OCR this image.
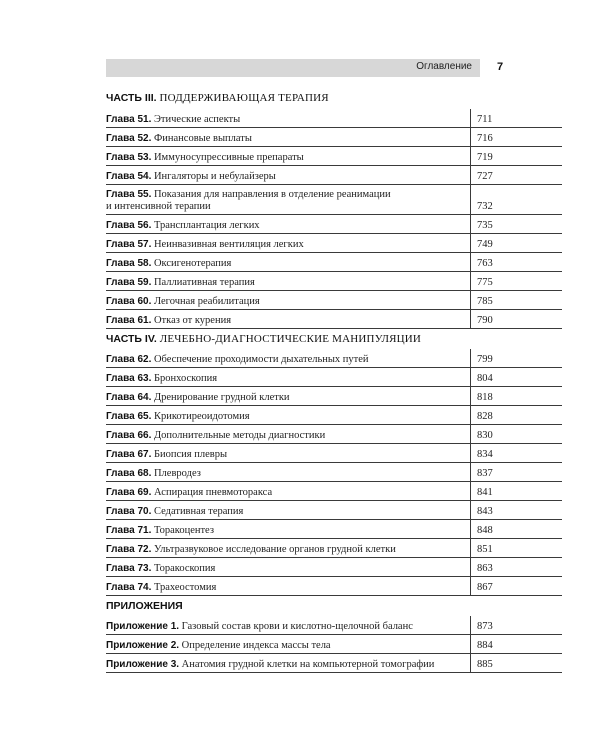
Оглавление 7
ЧАСТЬ III. ПОДДЕРЖИВАЮЩАЯ ТЕРАПИЯ
Глава 51. Этические аспекты	711
Глава 52. Финансовые выплаты	716
Глава 53. Иммуносупрессивные препараты	719
Глава 54. Ингаляторы и небулайзеры	727
Глава 55. Показания для направления в отделение реанимации
и интенсивной терапии	732
Глава 56. Трансплантация легких	735
Глава 57. Неинвазивная вентиляция легких	749
Глава 58. Оксигенотерапия	763
Глава 59. Паллиативная терапия	775
Глава 60. Легочная реабилитация	785
Глава 61. Отказ от курения	790
ЧАСТЬ IV. ЛЕЧЕБНО-ДИАГНОСТИЧЕСКИЕ МАНИПУЛЯЦИИ
Глава 62. Обеспечение проходимости дыхательных путей	799
Глава 63. Бронхоскопия	804
Глава 64. Дренирование грудной клетки	818
Глава 65. Крикотиреоидотомия	828
Глава 66. Дополнительные методы диагностики	830
Глава 67. Биопсия плевры	834
Глава 68. Плевродез	837
Глава 69. Аспирация пневмоторакса	841
Глава 70. Седативная терапия	843
Глава 71. Торакоцентез	848
Глава 72. Ультразвуковое исследование органов грудной клетки	851
Глава 73. Торакоскопия	863
Глава 74. Трахеостомия	867
ПРИЛОЖЕНИЯ
Приложение 1. Газовый состав крови и кислотно-щелочной баланс	873
Приложение 2. Определение индекса массы тела	884
Приложение 3. Анатомия грудной клетки на компьютерной томографии	885
